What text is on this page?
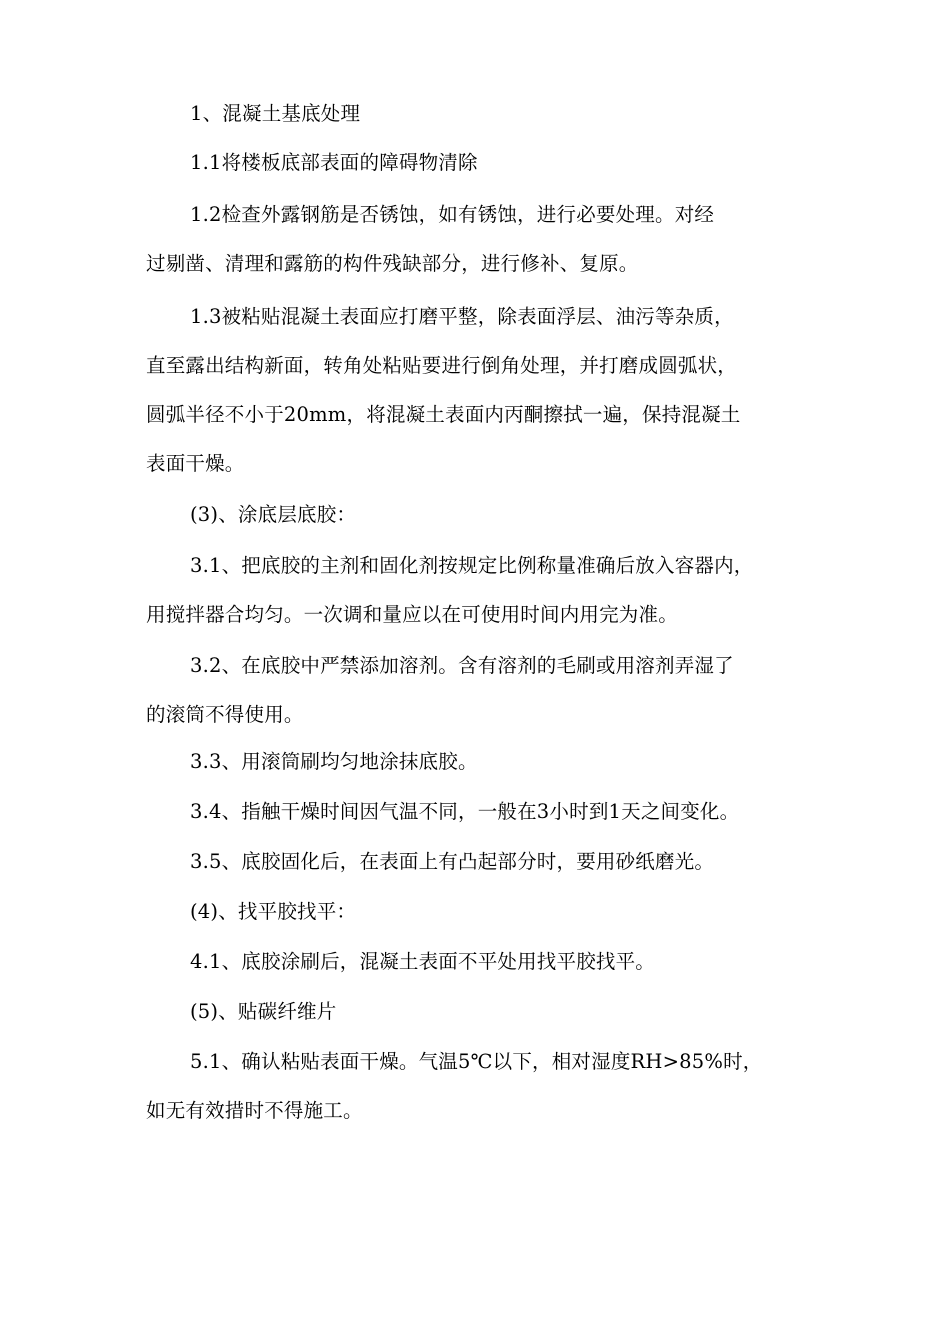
1、混凝土基底处理
1.1将楼板底部表面的障碍物清除
1.2检查外露钢筋是否锈蚀，如有锈蚀，进行必要处理。对经
过剔凿、清理和露筋的构件残缺部分，进行修补、复原。
1.3被粘贴混凝土表面应打磨平整，除表面浮层、油污等杂质，
直至露出结构新面，转角处粘贴要进行倒角处理，并打磨成圆弧状，
圆弧半径不小于20mm，将混凝土表面内丙酮擦拭一遍，保持混凝土
表面干燥。
(3)、涂底层底胶：
3.1、把底胶的主剂和固化剂按规定比例称量准确后放入容器内，
用搅拌器合均匀。一次调和量应以在可使用时间内用完为准。
3.2、在底胶中严禁添加溶剂。含有溶剂的毛刷或用溶剂弄湿了
的滚筒不得使用。
3.3、用滚筒刷均匀地涂抹底胶。
3.4、指触干燥时间因气温不同，一般在3小时到1天之间变化。
3.5、底胶固化后，在表面上有凸起部分时，要用砂纸磨光。
(4)、找平胶找平：
4.1、底胶涂刷后，混凝土表面不平处用找平胶找平。
(5)、贴碳纤维片
5.1、确认粘贴表面干燥。气温5℃以下，相对湿度RH>85%时，
如无有效措时不得施工。
